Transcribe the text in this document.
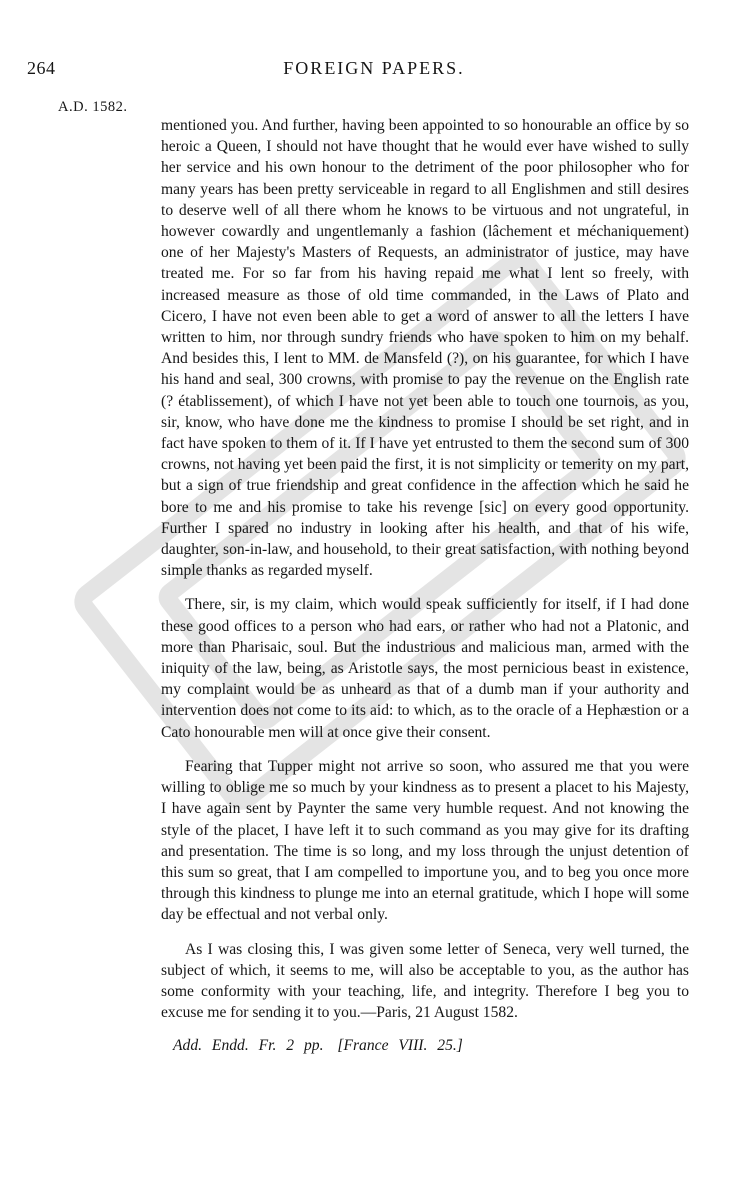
264	FOREIGN PAPERS.
A.D. 1582.

mentioned you. And further, having been appointed to so honourable an office by so heroic a Queen, I should not have thought that he would ever have wished to sully her service and his own honour to the detriment of the poor philosopher who for many years has been pretty serviceable in regard to all Englishmen and still desires to deserve well of all there whom he knows to be virtuous and not ungrateful, in however cowardly and ungentlemanly a fashion (lâchement et méchaniquement) one of her Majesty's Masters of Requests, an administrator of justice, may have treated me. For so far from his having repaid me what I lent so freely, with increased measure as those of old time commanded, in the Laws of Plato and Cicero, I have not even been able to get a word of answer to all the letters I have written to him, nor through sundry friends who have spoken to him on my behalf. And besides this, I lent to MM. de Mansfeld (?), on his guarantee, for which I have his hand and seal, 300 crowns, with promise to pay the revenue on the English rate (? établissement), of which I have not yet been able to touch one tournois, as you, sir, know, who have done me the kindness to promise I should be set right, and in fact have spoken to them of it. If I have yet entrusted to them the second sum of 300 crowns, not having yet been paid the first, it is not simplicity or temerity on my part, but a sign of true friendship and great confidence in the affection which he said he bore to me and his promise to take his revenge [sic] on every good opportunity. Further I spared no industry in looking after his health, and that of his wife, daughter, son-in-law, and household, to their great satisfaction, with nothing beyond simple thanks as regarded myself.

There, sir, is my claim, which would speak sufficiently for itself, if I had done these good offices to a person who had ears, or rather who had not a Platonic, and more than Pharisaic, soul. But the industrious and malicious man, armed with the iniquity of the law, being, as Aristotle says, the most pernicious beast in existence, my complaint would be as unheard as that of a dumb man if your authority and intervention does not come to its aid: to which, as to the oracle of a Hephæstion or a Cato honourable men will at once give their consent.

Fearing that Tupper might not arrive so soon, who assured me that you were willing to oblige me so much by your kindness as to present a placet to his Majesty, I have again sent by Paynter the same very humble request. And not knowing the style of the placet, I have left it to such command as you may give for its drafting and presentation. The time is so long, and my loss through the unjust detention of this sum so great, that I am compelled to importune you, and to beg you once more through this kindness to plunge me into an eternal gratitude, which I hope will some day be effectual and not verbal only.

As I was closing this, I was given some letter of Seneca, very well turned, the subject of which, it seems to me, will also be acceptable to you, as the author has some conformity with your teaching, life, and integrity. Therefore I beg you to excuse me for sending it to you.—Paris, 21 August 1582.

Add. Endd. Fr. 2 pp. [France VIII. 25.]
